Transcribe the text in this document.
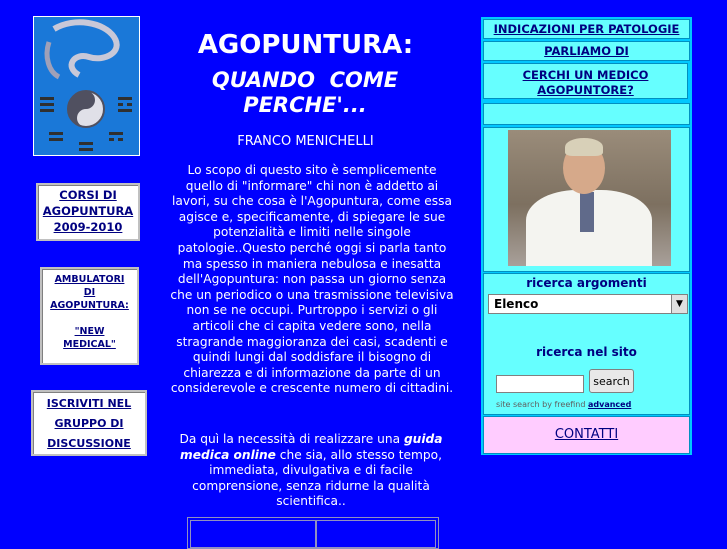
CORSI DI
AGOPUNTURA
2009-2010
AMBULATORI
DI
AGOPUNTURA:
"NEW
MEDICAL"
ISCRIVITI NEL
GRUPPO DI
DISCUSSIONE
AGOPUNTURA:
QUANDO  COME
PERCHE'...
FRANCO MENICHELLI
Lo scopo di questo sito è semplicemente quello di "informare" chi non è addetto ai lavori, su che cosa è l'Agopuntura, come essa agisce e, specificamente, di spiegare le sue potenzialità e limiti nelle singole patologie..Questo perché oggi si parla tanto ma spesso in maniera nebulosa e inesatta dell'Agopuntura: non passa un giorno senza che un periodico o una trasmissione televisiva non se ne occupi. Purtroppo i servizi o gli articoli che ci capita vedere sono, nella stragrande maggioranza dei casi, scadenti e quindi lungi dal soddisfare il bisogno di chiarezza e di informazione da parte di un considerevole e crescente numero di cittadini.
Da quì la necessità di realizzare una guida medica online che sia, allo stesso tempo, immediata, divulgativa e di facile comprensione, senza ridurne la qualità scientifica..
INDICAZIONI PER PATOLOGIE
PARLIAMO DI
CERCHI UN MEDICO
AGOPUNTORE?
ricerca argomenti
Elenco	▼
ricerca nel sito
search
site search by freefind advanced
CONTATTI
